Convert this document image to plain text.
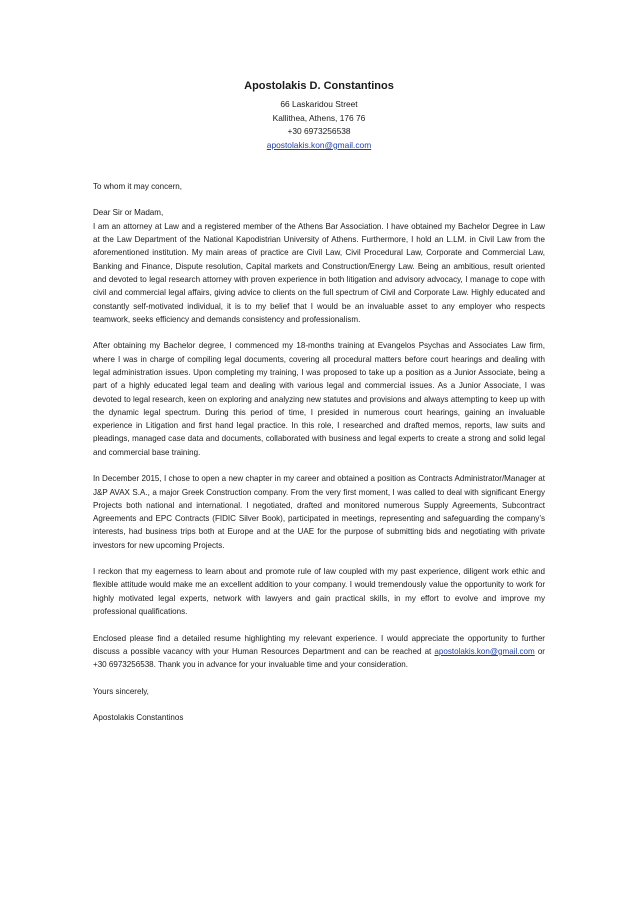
Apostolakis D. Constantinos
66 Laskaridou Street
Kallithea, Athens, 176 76
+30 6973256538
apostolakis.kon@gmail.com

To whom it may concern,

Dear Sir or Madam,

I am an attorney at Law and a registered member of the Athens Bar Association. I have obtained my Bachelor Degree in Law at the Law Department of the National Kapodistrian University of Athens. Furthermore, I hold an L.LM. in Civil Law from the aforementioned institution. My main areas of practice are Civil Law, Civil Procedural Law, Corporate and Commercial Law, Banking and Finance, Dispute resolution, Capital markets and Construction/Energy Law. Being an ambitious, result oriented and devoted to legal research attorney with proven experience in both litigation and advisory advocacy, I manage to cope with civil and commercial legal affairs, giving advice to clients on the full spectrum of Civil and Corporate Law. Highly educated and constantly self-motivated individual, it is to my belief that I would be an invaluable asset to any employer who respects teamwork, seeks efficiency and demands consistency and professionalism.

After obtaining my Bachelor degree, I commenced my 18-months training at Evangelos Psychas and Associates Law firm, where I was in charge of compiling legal documents, covering all procedural matters before court hearings and dealing with legal administration issues. Upon completing my training, I was proposed to take up a position as a Junior Associate, being a part of a highly educated legal team and dealing with various legal and commercial issues. As a Junior Associate, I was devoted to legal research, keen on exploring and analyzing new statutes and provisions and always attempting to keep up with the dynamic legal spectrum. During this period of time, I presided in numerous court hearings, gaining an invaluable experience in Litigation and first hand legal practice. In this role, I researched and drafted memos, reports, law suits and pleadings, managed case data and documents, collaborated with business and legal experts to create a strong and solid legal and commercial base training.

In December 2015, I chose to open a new chapter in my career and obtained a position as Contracts Administrator/Manager at J&P AVAX S.A., a major Greek Construction company. From the very first moment, I was called to deal with significant Energy Projects both national and international. I negotiated, drafted and monitored numerous Supply Agreements, Subcontract Agreements and EPC Contracts (FIDIC Silver Book), participated in meetings, representing and safeguarding the company’s interests, had business trips both at Europe and at the UAE for the purpose of submitting bids and negotiating with private investors for new upcoming Projects.

I reckon that my eagerness to learn about and promote rule of law coupled with my past experience, diligent work ethic and flexible attitude would make me an excellent addition to your company. I would tremendously value the opportunity to work for highly motivated legal experts, network with lawyers and gain practical skills, in my effort to evolve and improve my professional qualifications.

Enclosed please find a detailed resume highlighting my relevant experience. I would appreciate the opportunity to further discuss a possible vacancy with your Human Resources Department and can be reached at apostolakis.kon@gmail.com or +30 6973256538. Thank you in advance for your invaluable time and your consideration.

Yours sincerely,

Apostolakis Constantinos
